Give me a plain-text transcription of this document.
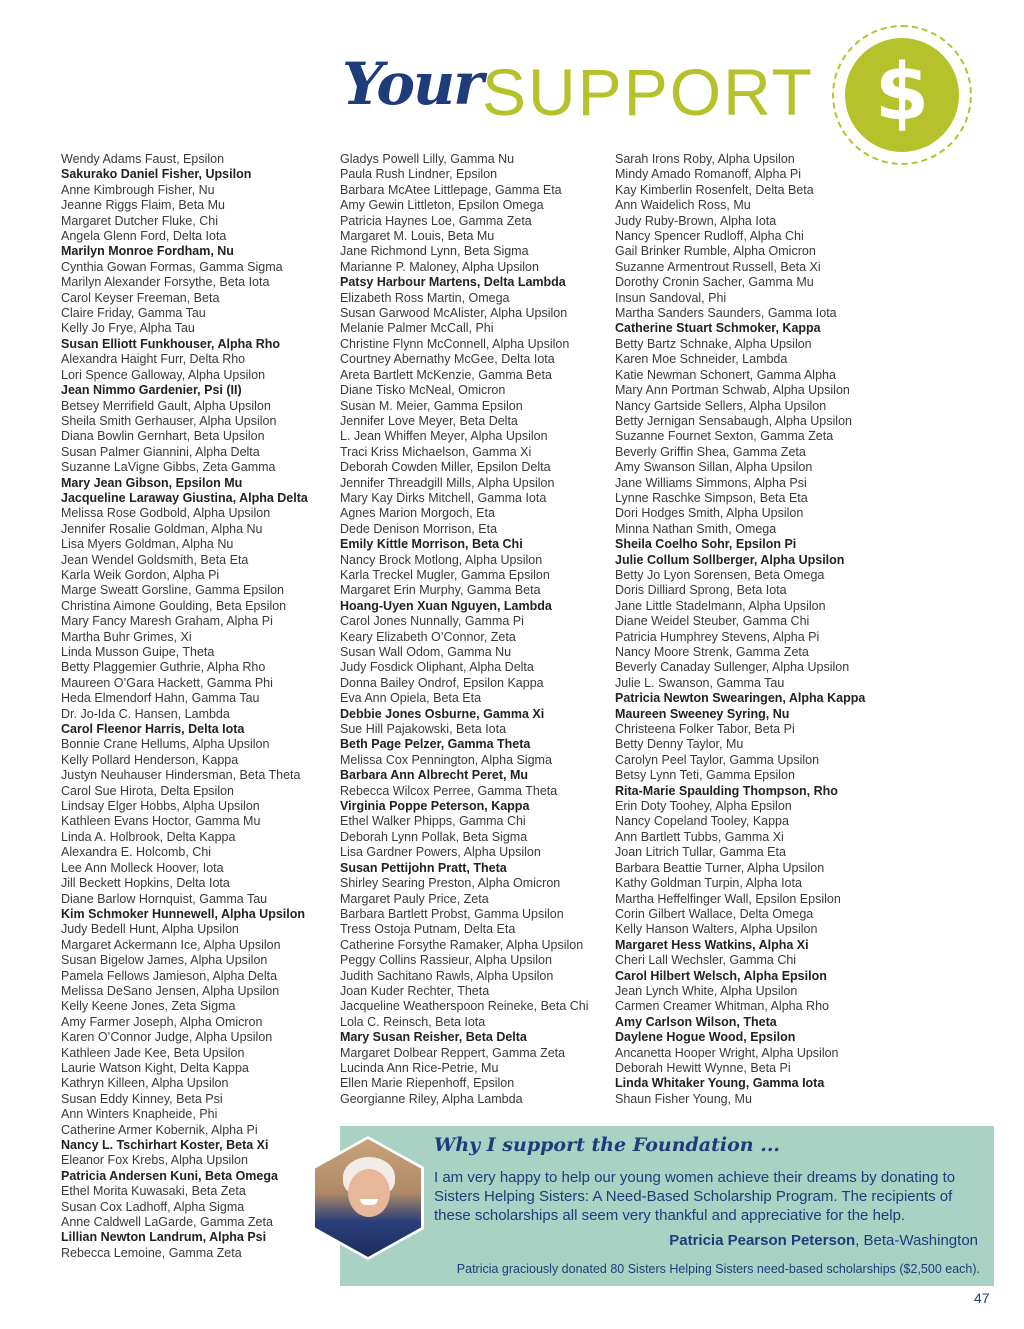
Your SUPPORT $
Wendy Adams Faust, Epsilon
Sakurako Daniel Fisher, Upsilon
Anne Kimbrough Fisher, Nu
Jeanne Riggs Flaim, Beta Mu
Margaret Dutcher Fluke, Chi
Angela Glenn Ford, Delta Iota
Marilyn Monroe Fordham, Nu
Cynthia Gowan Formas, Gamma Sigma
Marilyn Alexander Forsythe, Beta Iota
Carol Keyser Freeman, Beta
Claire Friday, Gamma Tau
Kelly Jo Frye, Alpha Tau
Susan Elliott Funkhouser, Alpha Rho
Alexandra Haight Furr, Delta Rho
Lori Spence Galloway, Alpha Upsilon
Jean Nimmo Gardenier, Psi (II)
Betsey Merrifield Gault, Alpha Upsilon
Sheila Smith Gerhauser, Alpha Upsilon
Diana Bowlin Gernhart, Beta Upsilon
Susan Palmer Giannini, Alpha Delta
Suzanne LaVigne Gibbs, Zeta Gamma
Mary Jean Gibson, Epsilon Mu
Jacqueline Laraway Giustina, Alpha Delta
Melissa Rose Godbold, Alpha Upsilon
Jennifer Rosalie Goldman, Alpha Nu
Lisa Myers Goldman, Alpha Nu
Jean Wendel Goldsmith, Beta Eta
Karla Weik Gordon, Alpha Pi
Marge Sweatt Gorsline, Gamma Epsilon
Christina Aimone Goulding, Beta Epsilon
Mary Fancy Maresh Graham, Alpha Pi
Martha Buhr Grimes, Xi
Linda Musson Guipe, Theta
Betty Plaggemier Guthrie, Alpha Rho
Maureen O’Gara Hackett, Gamma Phi
Heda Elmendorf Hahn, Gamma Tau
Dr. Jo-Ida C. Hansen, Lambda
Carol Fleenor Harris, Delta Iota
Bonnie Crane Hellums, Alpha Upsilon
Kelly Pollard Henderson, Kappa
Justyn Neuhauser Hindersman, Beta Theta
Carol Sue Hirota, Delta Epsilon
Lindsay Elger Hobbs, Alpha Upsilon
Kathleen Evans Hoctor, Gamma Mu
Linda A. Holbrook, Delta Kappa
Alexandra E. Holcomb, Chi
Lee Ann Molleck Hoover, Iota
Jill Beckett Hopkins, Delta Iota
Diane Barlow Hornquist, Gamma Tau
Kim Schmoker Hunnewell, Alpha Upsilon
Judy Bedell Hunt, Alpha Upsilon
Margaret Ackermann Ice, Alpha Upsilon
Susan Bigelow James, Alpha Upsilon
Pamela Fellows Jamieson, Alpha Delta
Melissa DeSano Jensen, Alpha Upsilon
Kelly Keene Jones, Zeta Sigma
Amy Farmer Joseph, Alpha Omicron
Karen O’Connor Judge, Alpha Upsilon
Kathleen Jade Kee, Beta Upsilon
Laurie Watson Kight, Delta Kappa
Kathryn Killeen, Alpha Upsilon
Susan Eddy Kinney, Beta Psi
Ann Winters Knapheide, Phi
Catherine Armer Kobernik, Alpha Pi
Nancy L. Tschirhart Koster, Beta Xi
Eleanor Fox Krebs, Alpha Upsilon
Patricia Andersen Kuni, Beta Omega
Ethel Morita Kuwasaki, Beta Zeta
Susan Cox Ladhoff, Alpha Sigma
Anne Caldwell LaGarde, Gamma Zeta
Lillian Newton Landrum, Alpha Psi
Rebecca Lemoine, Gamma Zeta
Gladys Powell Lilly, Gamma Nu
Paula Rush Lindner, Epsilon
Barbara McAtee Littlepage, Gamma Eta
Amy Gewin Littleton, Epsilon Omega
Patricia Haynes Loe, Gamma Zeta
Margaret M. Louis, Beta Mu
Jane Richmond Lynn, Beta Sigma
Marianne P. Maloney, Alpha Upsilon
Patsy Harbour Martens, Delta Lambda
Elizabeth Ross Martin, Omega
Susan Garwood McAlister, Alpha Upsilon
Melanie Palmer McCall, Phi
Christine Flynn McConnell, Alpha Upsilon
Courtney Abernathy McGee, Delta Iota
Areta Bartlett McKenzie, Gamma Beta
Diane Tisko McNeal, Omicron
Susan M. Meier, Gamma Epsilon
Jennifer Love Meyer, Beta Delta
L. Jean Whiffen Meyer, Alpha Upsilon
Traci Kriss Michaelson, Gamma Xi
Deborah Cowden Miller, Epsilon Delta
Jennifer Threadgill Mills, Alpha Upsilon
Mary Kay Dirks Mitchell, Gamma Iota
Agnes Marion Morgoch, Eta
Dede Denison Morrison, Eta
Emily Kittle Morrison, Beta Chi
Nancy Brock Motlong, Alpha Upsilon
Karla Treckel Mugler, Gamma Epsilon
Margaret Erin Murphy, Gamma Beta
Hoang-Uyen Xuan Nguyen, Lambda
Carol Jones Nunnally, Gamma Pi
Keary Elizabeth O’Connor, Zeta
Susan Wall Odom, Gamma Nu
Judy Fosdick Oliphant, Alpha Delta
Donna Bailey Ondrof, Epsilon Kappa
Eva Ann Opiela, Beta Eta
Debbie Jones Osburne, Gamma Xi
Sue Hill Pajakowski, Beta Iota
Beth Page Pelzer, Gamma Theta
Melissa Cox Pennington, Alpha Sigma
Barbara Ann Albrecht Peret, Mu
Rebecca Wilcox Perree, Gamma Theta
Virginia Poppe Peterson, Kappa
Ethel Walker Phipps, Gamma Chi
Deborah Lynn Pollak, Beta Sigma
Lisa Gardner Powers, Alpha Upsilon
Susan Pettijohn Pratt, Theta
Shirley Searing Preston, Alpha Omicron
Margaret Pauly Price, Zeta
Barbara Bartlett Probst, Gamma Upsilon
Tress Ostoja Putnam, Delta Eta
Catherine Forsythe Ramaker, Alpha Upsilon
Peggy Collins Rassieur, Alpha Upsilon
Judith Sachitano Rawls, Alpha Upsilon
Joan Kuder Rechter, Theta
Jacqueline Weatherspoon Reineke, Beta Chi
Lola C. Reinsch, Beta Iota
Mary Susan Reisher, Beta Delta
Margaret Dolbear Reppert, Gamma Zeta
Lucinda Ann Rice-Petrie, Mu
Ellen Marie Riepenhoff, Epsilon
Georgianne Riley, Alpha Lambda
Sarah Irons Roby, Alpha Upsilon
Mindy Amado Romanoff, Alpha Pi
Kay Kimberlin Rosenfelt, Delta Beta
Ann Waidelich Ross, Mu
Judy Ruby-Brown, Alpha Iota
Nancy Spencer Rudloff, Alpha Chi
Gail Brinker Rumble, Alpha Omicron
Suzanne Armentrout Russell, Beta Xi
Dorothy Cronin Sacher, Gamma Mu
Insun Sandoval, Phi
Martha Sanders Saunders, Gamma Iota
Catherine Stuart Schmoker, Kappa
Betty Bartz Schnake, Alpha Upsilon
Karen Moe Schneider, Lambda
Katie Newman Schonert, Gamma Alpha
Mary Ann Portman Schwab, Alpha Upsilon
Nancy Gartside Sellers, Alpha Upsilon
Betty Jernigan Sensabaugh, Alpha Upsilon
Suzanne Fournet Sexton, Gamma Zeta
Beverly Griffin Shea, Gamma Zeta
Amy Swanson Sillan, Alpha Upsilon
Jane Williams Simmons, Alpha Psi
Lynne Raschke Simpson, Beta Eta
Dori Hodges Smith, Alpha Upsilon
Minna Nathan Smith, Omega
Sheila Coelho Sohr, Epsilon Pi
Julie Collum Sollberger, Alpha Upsilon
Betty Jo Lyon Sorensen, Beta Omega
Doris Dilliard Sprong, Beta Iota
Jane Little Stadelmann, Alpha Upsilon
Diane Weidel Steuber, Gamma Chi
Patricia Humphrey Stevens, Alpha Pi
Nancy Moore Strenk, Gamma Zeta
Beverly Canaday Sullenger, Alpha Upsilon
Julie L. Swanson, Gamma Tau
Patricia Newton Swearingen, Alpha Kappa
Maureen Sweeney Syring, Nu
Christeena Folker Tabor, Beta Pi
Betty Denny Taylor, Mu
Carolyn Peel Taylor, Gamma Upsilon
Betsy Lynn Teti, Gamma Epsilon
Rita-Marie Spaulding Thompson, Rho
Erin Doty Toohey, Alpha Epsilon
Nancy Copeland Tooley, Kappa
Ann Bartlett Tubbs, Gamma Xi
Joan Litrich Tullar, Gamma Eta
Barbara Beattie Turner, Alpha Upsilon
Kathy Goldman Turpin, Alpha Iota
Martha Heffelfinger Wall, Epsilon Epsilon
Corin Gilbert Wallace, Delta Omega
Kelly Hanson Walters, Alpha Upsilon
Margaret Hess Watkins, Alpha Xi
Cheri Lall Wechsler, Gamma Chi
Carol Hilbert Welsch, Alpha Epsilon
Jean Lynch White, Alpha Upsilon
Carmen Creamer Whitman, Alpha Rho
Amy Carlson Wilson, Theta
Daylene Hogue Wood, Epsilon
Ancanetta Hooper Wright, Alpha Upsilon
Deborah Hewitt Wynne, Beta Pi
Linda Whitaker Young, Gamma Iota
Shaun Fisher Young, Mu
Why I support the Foundation ...
I am very happy to help our young women achieve their dreams by donating to Sisters Helping Sisters: A Need-Based Scholarship Program. The recipients of these scholarships all seem very thankful and appreciative for the help.
Patricia Pearson Peterson, Beta-Washington
Patricia graciously donated 80 Sisters Helping Sisters need-based scholarships ($2,500 each).
47
